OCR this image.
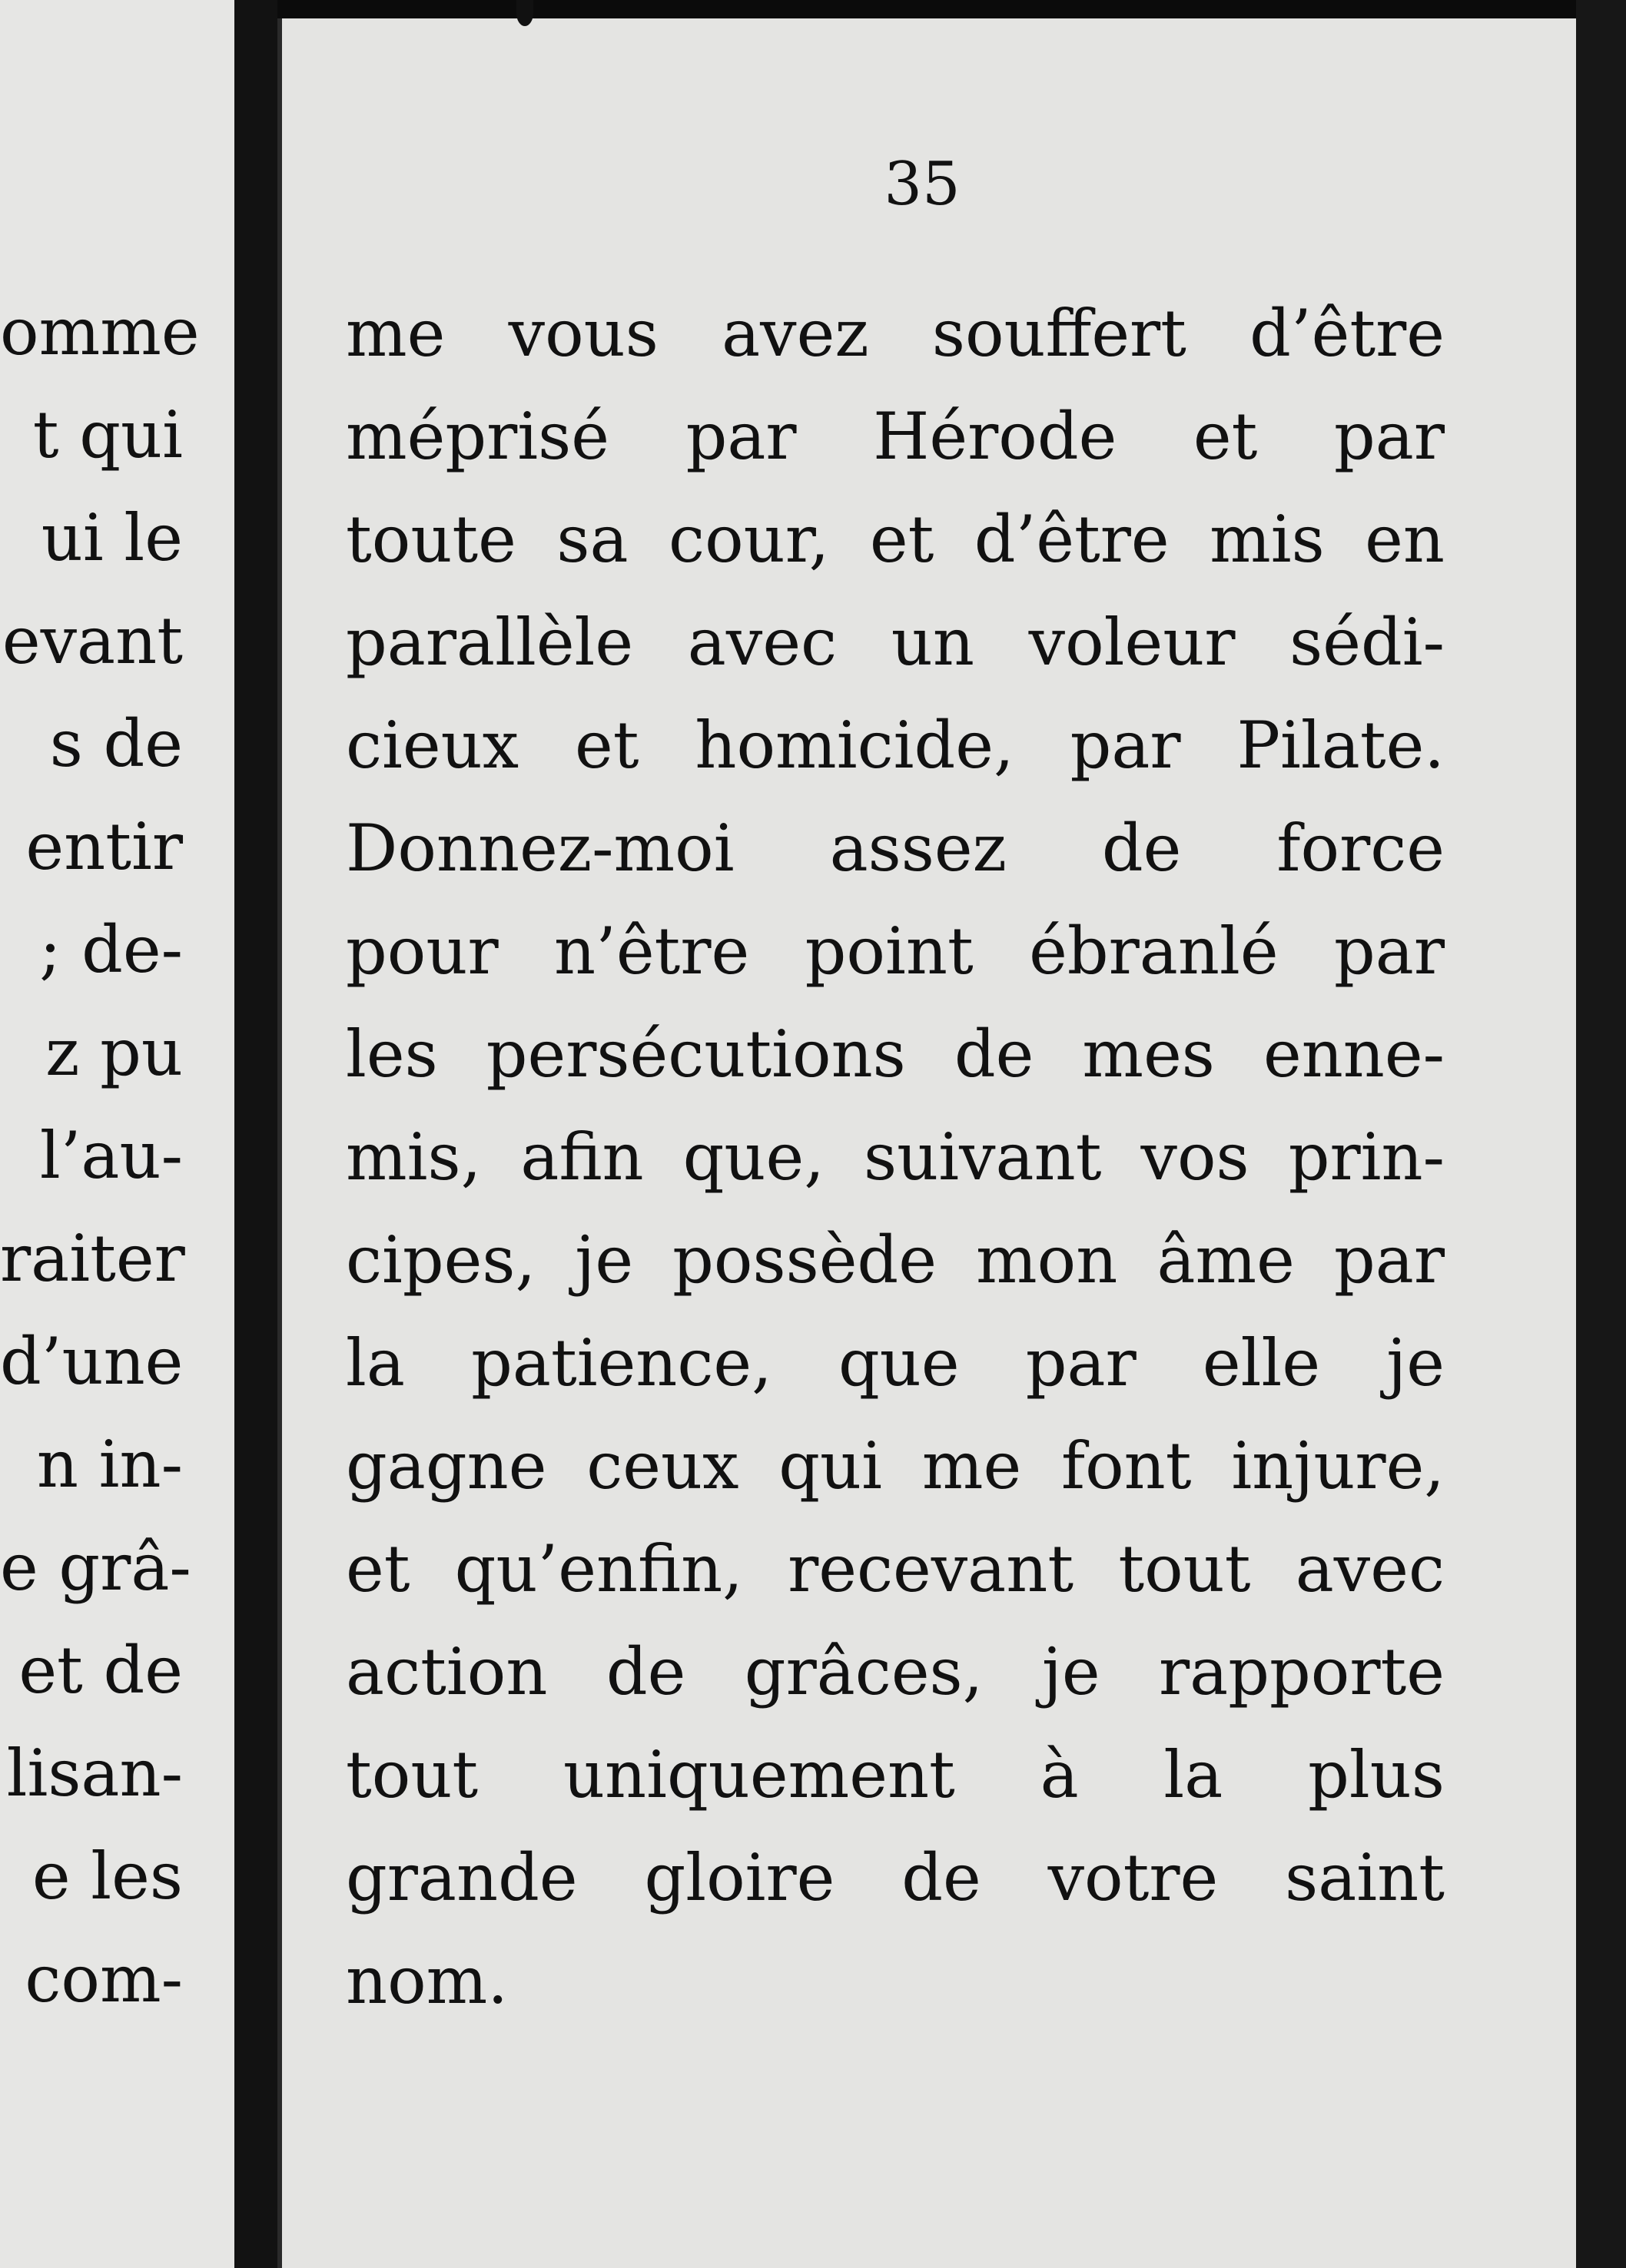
omme
t qui
ui le
evant
s de
entir
; de-
z pu
l’au-
raiter
d’une
n in-
e grâ-
et de
lisan-
e les
com-
35
me vous avez souffert d’être
méprisé par Hérode et par
toute sa cour, et d’être mis en
parallèle avec un voleur sédi-
cieux et homicide, par Pilate.
Donnez-moi assez de force
pour n’être point ébranlé par
les persécutions de mes enne-
mis, afin que, suivant vos prin-
cipes, je possède mon âme par
la patience, que par elle je
gagne ceux qui me font injure,
et qu’enfin, recevant tout avec
action de grâces, je rapporte
tout uniquement à la plus
grande gloire de votre saint
nom.
